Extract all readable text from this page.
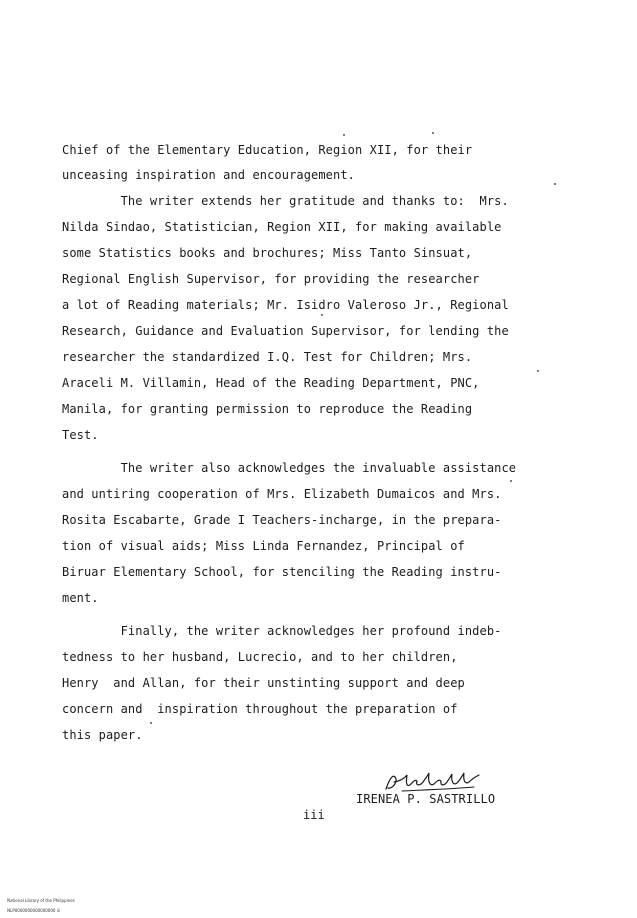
Chief of the Elementary Education, Region XII, for their
unceasing inspiration and encouragement.
The writer extends her gratitude and thanks to:  Mrs.
Nilda Sindao, Statistician, Region XII, for making available
some Statistics books and brochures; Miss Tanto Sinsuat,
Regional English Supervisor, for providing the researcher
a lot of Reading materials; Mr. Isidro Valeroso Jr., Regional
Research, Guidance and Evaluation Supervisor, for lending the
researcher the standardized I.Q. Test for Children; Mrs.
Araceli M. Villamin, Head of the Reading Department, PNC,
Manila, for granting permission to reproduce the Reading
Test.
The writer also acknowledges the invaluable assistance
and untiring cooperation of Mrs. Elizabeth Dumaicos and Mrs.
Rosita Escabarte, Grade I Teachers-incharge, in the prepara-
tion of visual aids; Miss Linda Fernandez, Principal of
Biruar Elementary School, for stenciling the Reading instru-
ment.
Finally, the writer acknowledges her profound indeb-
tedness to her husband, Lucrecio, and to her children,
Henry  and Allan, for their unstinting support and deep
concern and  inspiration throughout the preparation of
this paper.
IRENEA P. SASTRILLO
iii

National Library of the Philippines

NLP0000000000000000 iii
